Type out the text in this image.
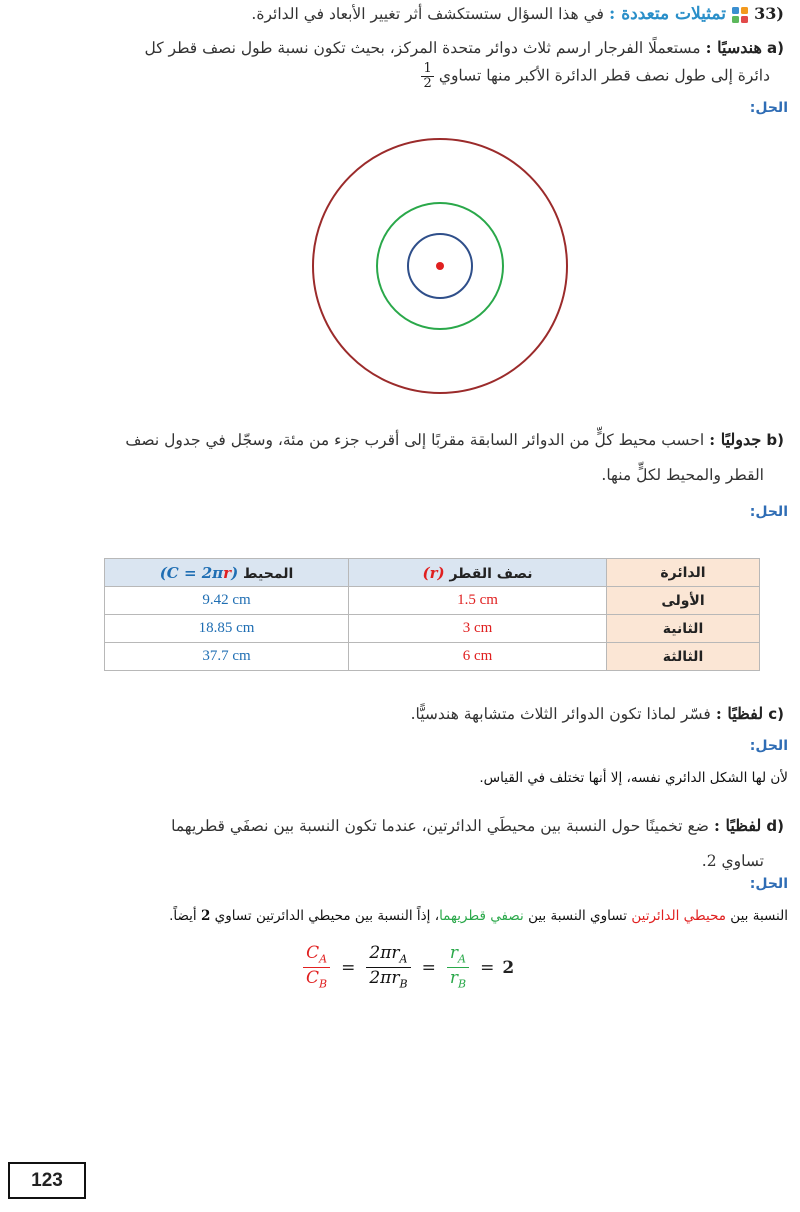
33)  تمثيلات متعددة : في هذا السؤال ستستكشف أثر تغيير الأبعاد في الدائرة.
a) هندسيًا : مستعملًا الفرجار ارسم ثلاث دوائر متحدة المركز، بحيث تكون نسبة طول نصف قطر كل
دائرة إلى طول نصف قطر الدائرة الأكبر منها تساوي
$\frac{1}{2}$
الحل:
b) جدوليًا : احسب محيط كلٍّ من الدوائر السابقة مقربًا إلى أقرب جزء من مئة، وسجّل في جدول نصف
القطر والمحيط لكلٍّ منها.
الحل:
الدائرة	نصف القطر (r)	المحيط (C = 2πr)
الأولى	1.5 cm	9.42 cm
الثانية	3 cm	18.85 cm
الثالثة	6 cm	37.7 cm
c) لفظيًا : فسّر لماذا تكون الدوائر الثلاث متشابهة هندسيًّا.
الحل:
لأن لها الشكل الدائري نفسه، إلا أنها تختلف في القياس.
d) لفظيًا : ضع تخمينًا حول النسبة بين محيطَي الدائرتين، عندما تكون النسبة بين نصفَي قطريهما
تساوي 2.
الحل:
النسبة بين محيطي الدائرتين تساوي النسبة بين نصفي قطريهما، إذاً النسبة بين محيطي الدائرتين تساوي 2 أيضاً.
$\frac{C_A}{C_B} = \frac{2\pi r_A}{2\pi r_B} = \frac{r_A}{r_B} = 2$
123
